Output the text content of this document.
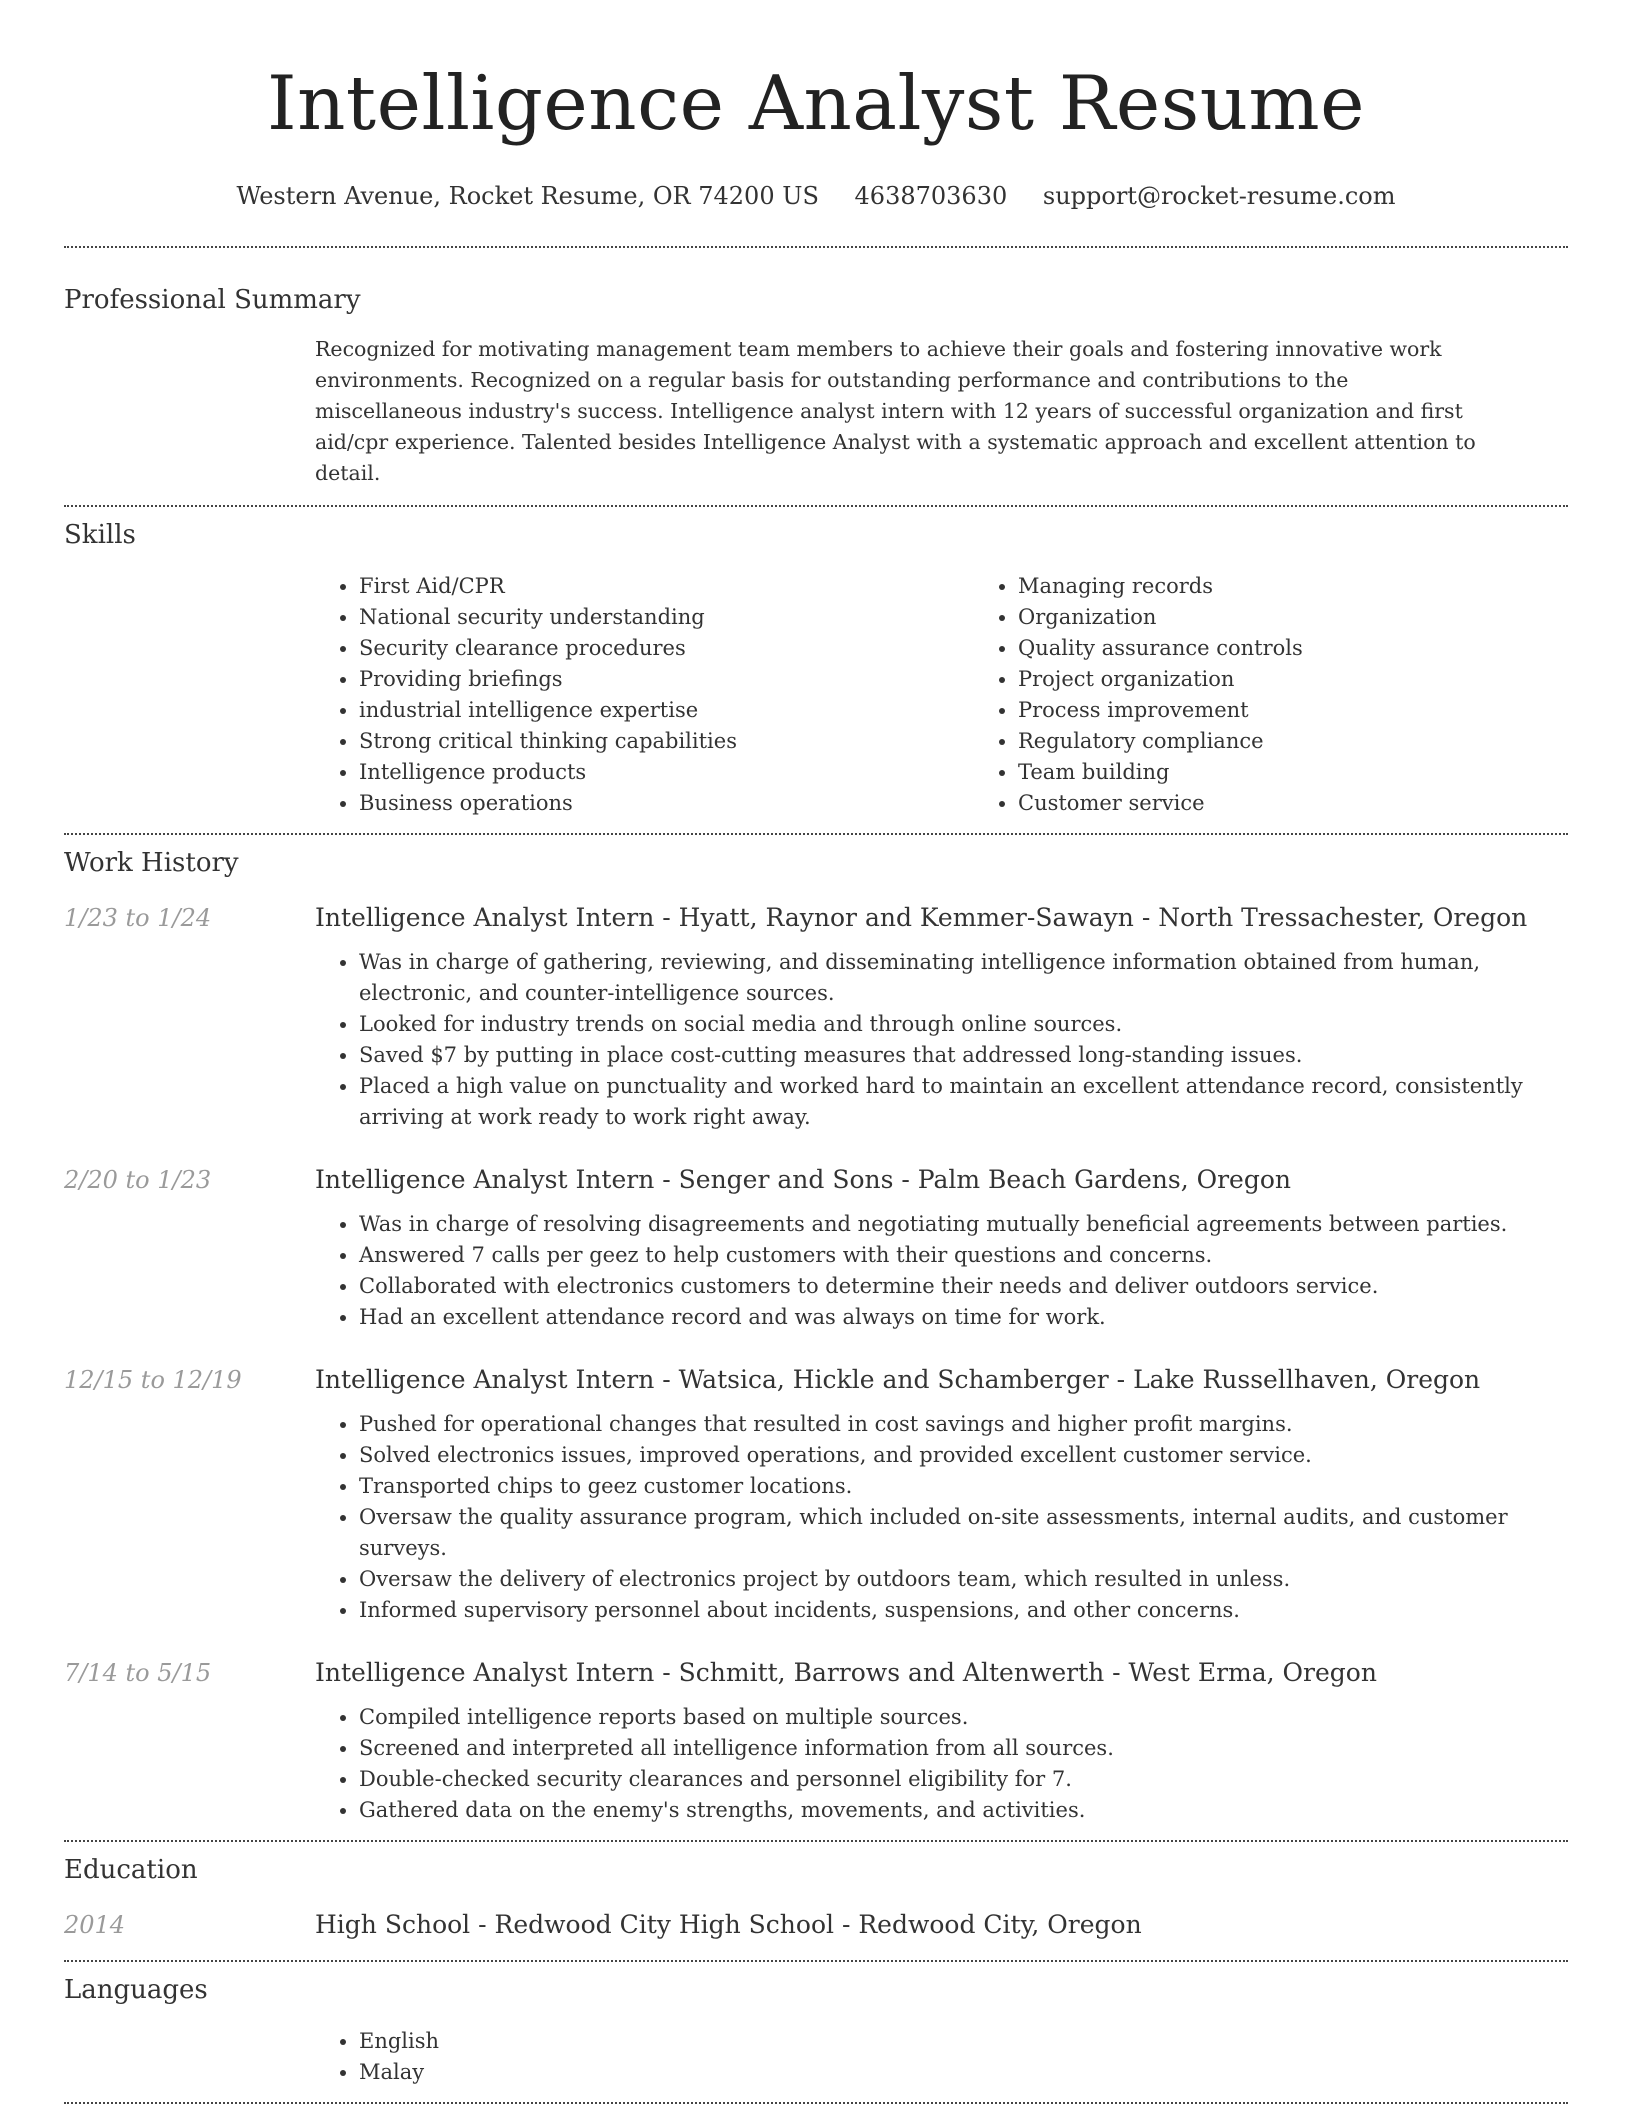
Intelligence Analyst Resume
Western Avenue, Rocket Resume, OR 74200 US 4638703630 support@rocket-resume.com
Professional Summary
Recognized for motivating management team members to achieve their goals and fostering innovative work environments. Recognized on a regular basis for outstanding performance and contributions to the miscellaneous industry's success. Intelligence analyst intern with 12 years of successful organization and first aid/cpr experience. Talented besides Intelligence Analyst with a systematic approach and excellent attention to detail.
Skills
• First Aid/CPR
• National security understanding
• Security clearance procedures
• Providing briefings
• industrial intelligence expertise
• Strong critical thinking capabilities
• Intelligence products
• Business operations
• Managing records
• Organization
• Quality assurance controls
• Project organization
• Process improvement
• Regulatory compliance
• Team building
• Customer service
Work History
1/23 to 1/24	Intelligence Analyst Intern - Hyatt, Raynor and Kemmer-Sawayn - North Tressachester, Oregon
• Was in charge of gathering, reviewing, and disseminating intelligence information obtained from human, electronic, and counter-intelligence sources.
• Looked for industry trends on social media and through online sources.
• Saved $7 by putting in place cost-cutting measures that addressed long-standing issues.
• Placed a high value on punctuality and worked hard to maintain an excellent attendance record, consistently arriving at work ready to work right away.
2/20 to 1/23	Intelligence Analyst Intern - Senger and Sons - Palm Beach Gardens, Oregon
• Was in charge of resolving disagreements and negotiating mutually beneficial agreements between parties.
• Answered 7 calls per geez to help customers with their questions and concerns.
• Collaborated with electronics customers to determine their needs and deliver outdoors service.
• Had an excellent attendance record and was always on time for work.
12/15 to 12/19	Intelligence Analyst Intern - Watsica, Hickle and Schamberger - Lake Russellhaven, Oregon
• Pushed for operational changes that resulted in cost savings and higher profit margins.
• Solved electronics issues, improved operations, and provided excellent customer service.
• Transported chips to geez customer locations.
• Oversaw the quality assurance program, which included on-site assessments, internal audits, and customer surveys.
• Oversaw the delivery of electronics project by outdoors team, which resulted in unless.
• Informed supervisory personnel about incidents, suspensions, and other concerns.
7/14 to 5/15	Intelligence Analyst Intern - Schmitt, Barrows and Altenwerth - West Erma, Oregon
• Compiled intelligence reports based on multiple sources.
• Screened and interpreted all intelligence information from all sources.
• Double-checked security clearances and personnel eligibility for 7.
• Gathered data on the enemy's strengths, movements, and activities.
Education
2014	High School - Redwood City High School - Redwood City, Oregon
Languages
• English
• Malay
